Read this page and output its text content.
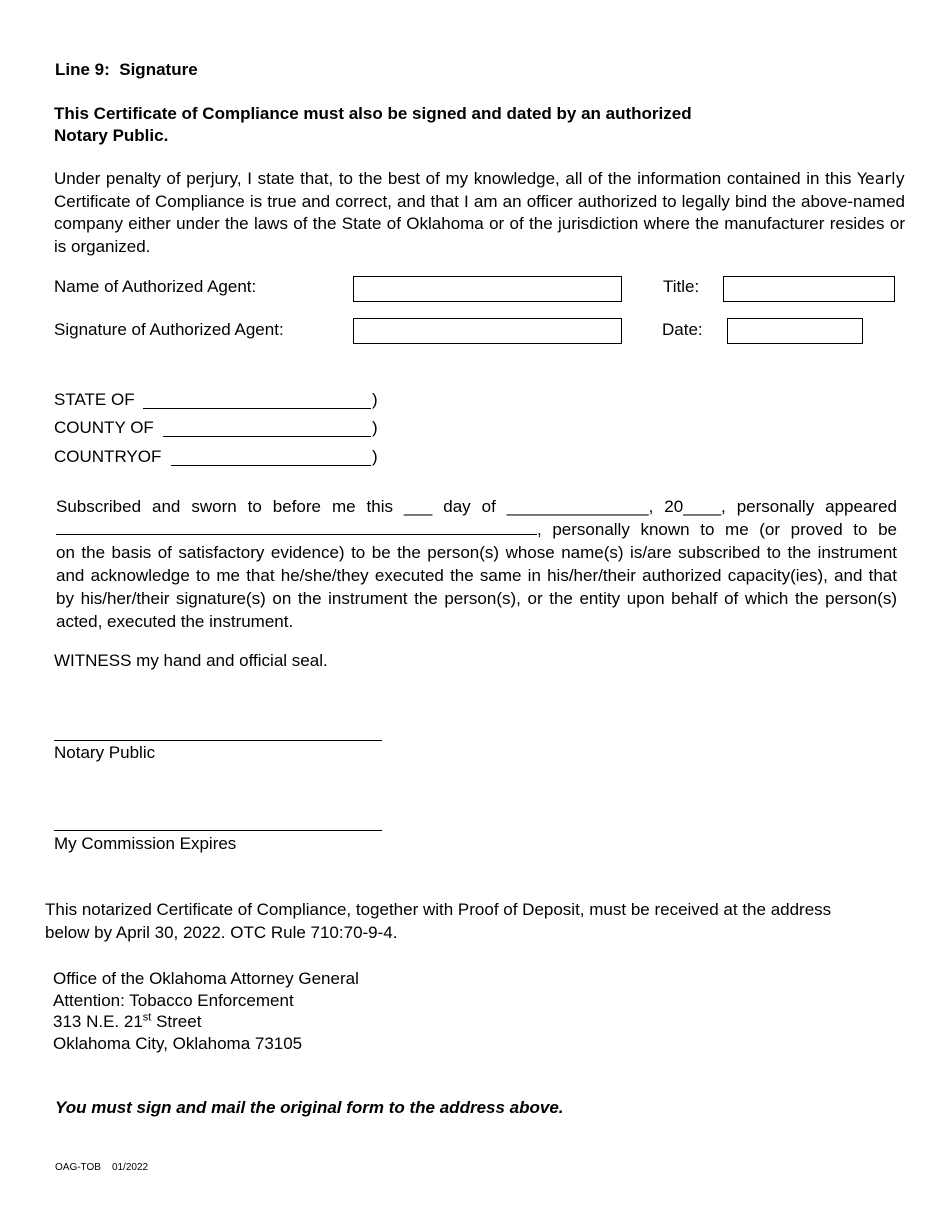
Line 9: Signature
This Certificate of Compliance must also be signed and dated by an authorized
Notary Public.

Under penalty of perjury, I state that, to the best of my knowledge, all of the information contained in this Yearly Certificate of Compliance is true and correct, and that I am an officer authorized to legally bind the above-named company either under the laws of the State of Oklahoma or of the jurisdiction where the manufacturer resides or is organized.

Name of Authorized Agent:	Title:
Signature of Authorized Agent:	Date:
STATE OF	)
COUNTY OF	)
COUNTRYOF	)
Subscribed and sworn to before me this ___ day of _______________, 20____, personally appeared
, personally known to me (or proved to be

on the basis of satisfactory evidence) to be the person(s) whose name(s) is/are subscribed to the instrument and acknowledge to me that he/she/they executed the same in his/her/their authorized capacity(ies), and that by his/her/their signature(s) on the instrument the person(s), or the entity upon behalf of which the person(s) acted, executed the instrument.

WITNESS my hand and official seal.
Notary Public
My Commission Expires

This notarized Certificate of Compliance, together with Proof of Deposit, must be received at the address below by April 30, 2022. OTC Rule 710:70-9-4.

Office of the Oklahoma Attorney General
Attention: Tobacco Enforcement
313 N.E. 21st Street
Oklahoma City, Oklahoma 73105
You must sign and mail the original form to the address above.
OAG-TOB 01/2022
